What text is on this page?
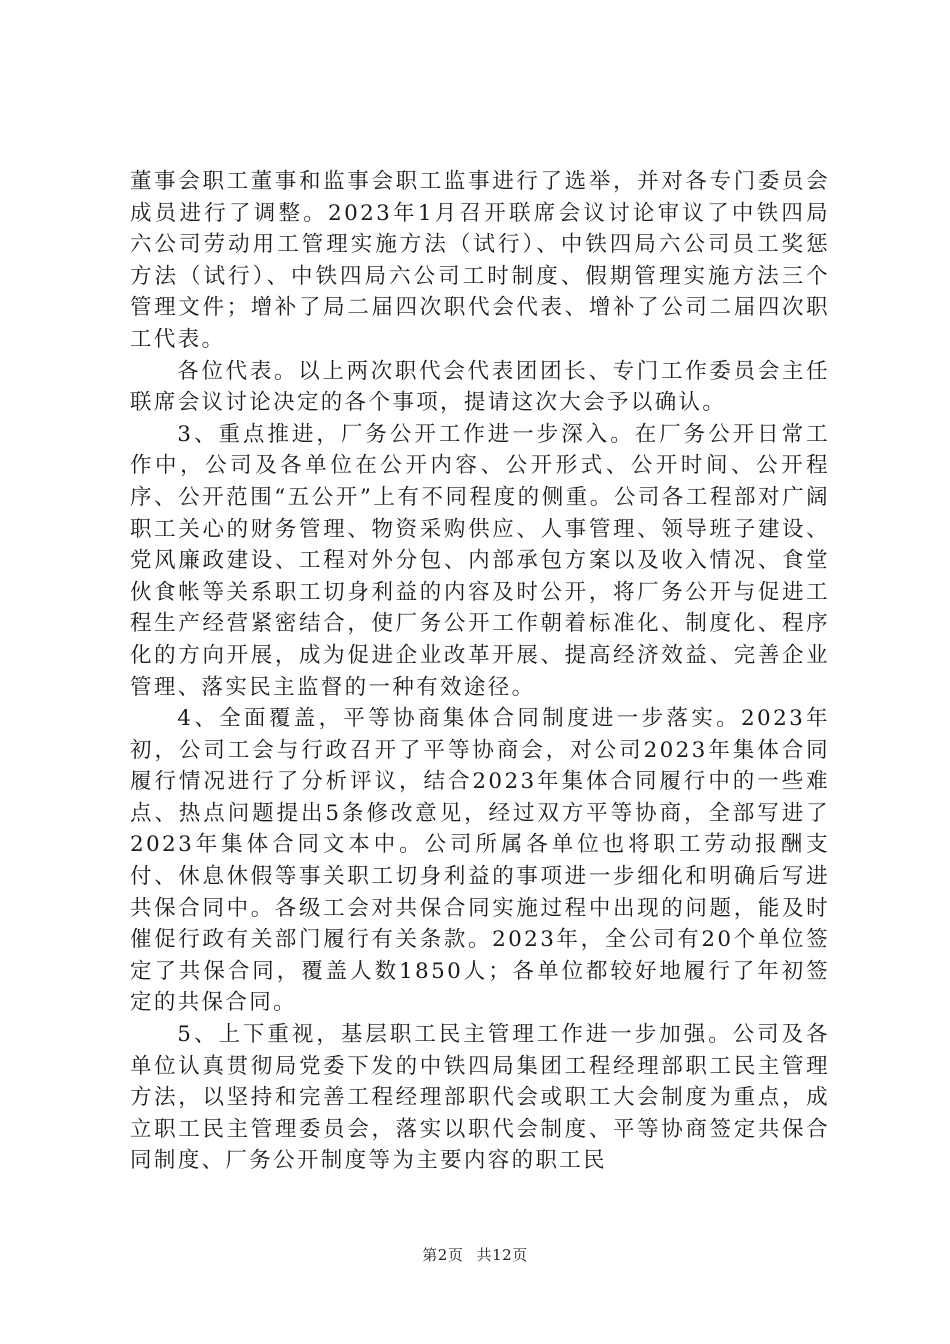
董事会职工董事和监事会职工监事进行了选举，并对各专门委员会成员进行了调整。2023年1月召开联席会议讨论审议了中铁四局六公司劳动用工管理实施方法（试行）、中铁四局六公司员工奖惩方法（试行）、中铁四局六公司工时制度、假期管理实施方法三个管理文件；增补了局二届四次职代会代表、增补了公司二届四次职工代表。

各位代表。以上两次职代会代表团团长、专门工作委员会主任联席会议讨论决定的各个事项，提请这次大会予以确认。

3、重点推进，厂务公开工作进一步深入。在厂务公开日常工作中，公司及各单位在公开内容、公开形式、公开时间、公开程序、公开范围“五公开”上有不同程度的侧重。公司各工程部对广阔职工关心的财务管理、物资采购供应、人事管理、领导班子建设、党风廉政建设、工程对外分包、内部承包方案以及收入情况、食堂伙食帐等关系职工切身利益的内容及时公开，将厂务公开与促进工程生产经营紧密结合，使厂务公开工作朝着标准化、制度化、程序化的方向开展，成为促进企业改革开展、提高经济效益、完善企业管理、落实民主监督的一种有效途径。

4、全面覆盖，平等协商集体合同制度进一步落实。2023年初，公司工会与行政召开了平等协商会，对公司2023年集体合同履行情况进行了分析评议，结合2023年集体合同履行中的一些难点、热点问题提出5条修改意见，经过双方平等协商，全部写进了2023年集体合同文本中。公司所属各单位也将职工劳动报酬支付、休息休假等事关职工切身利益的事项进一步细化和明确后写进共保合同中。各级工会对共保合同实施过程中出现的问题，能及时催促行政有关部门履行有关条款。2023年，全公司有20个单位签定了共保合同，覆盖人数1850人；各单位都较好地履行了年初签定的共保合同。

5、上下重视，基层职工民主管理工作进一步加强。公司及各单位认真贯彻局党委下发的中铁四局集团工程经理部职工民主管理方法，以坚持和完善工程经理部职代会或职工大会制度为重点，成立职工民主管理委员会，落实以职代会制度、平等协商签定共保合同制度、厂务公开制度等为主要内容的职工民

第2页 共12页
